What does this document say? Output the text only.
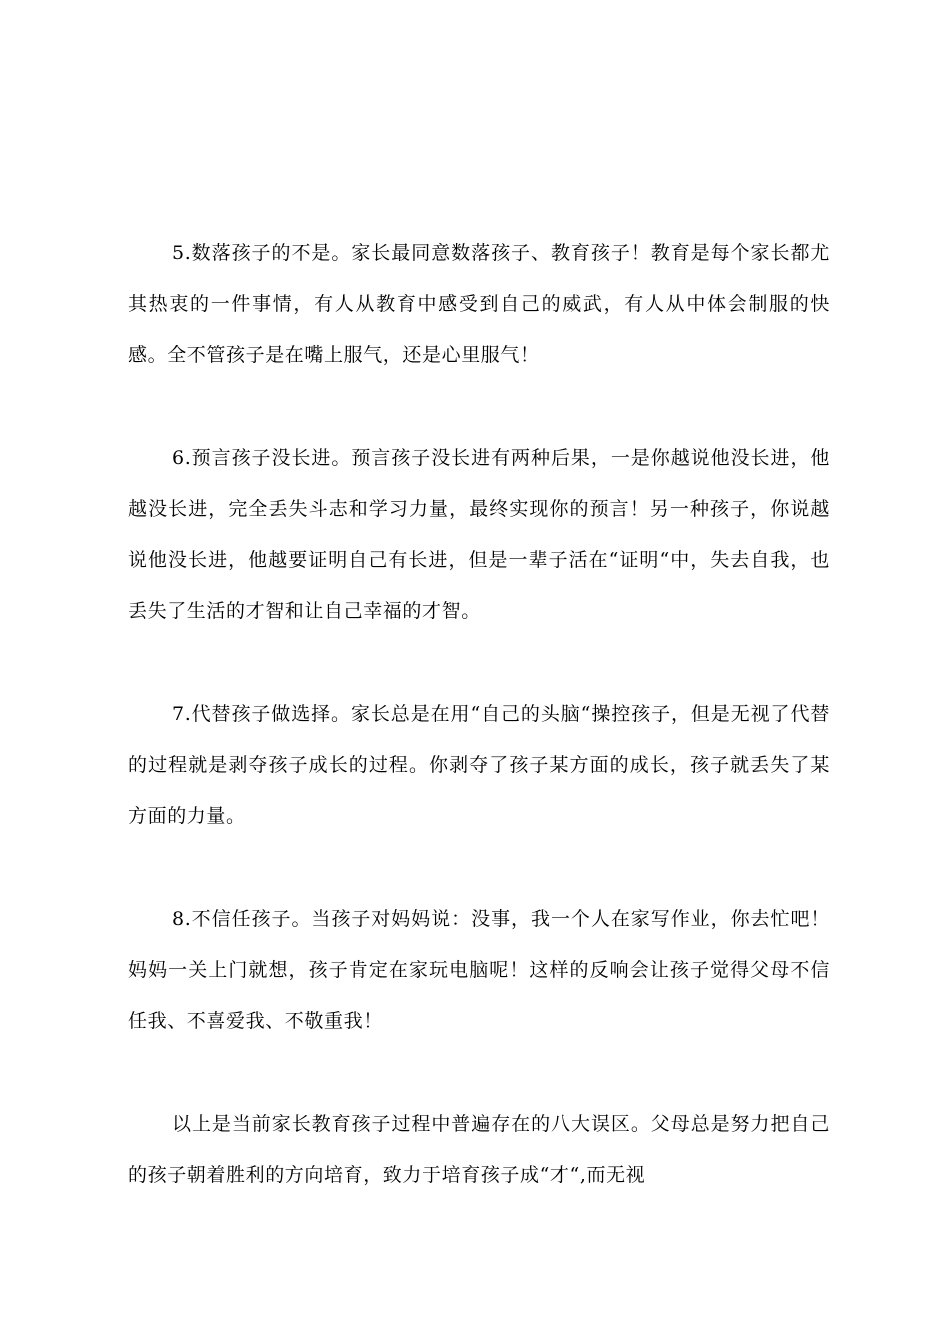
5.数落孩子的不是。家长最同意数落孩子、教育孩子！教育是每个家长都尤其热衷的一件事情，有人从教育中感受到自己的威武，有人从中体会制服的快感。全不管孩子是在嘴上服气，还是心里服气！

6.预言孩子没长进。预言孩子没长进有两种后果，一是你越说他没长进，他越没长进，完全丢失斗志和学习力量，最终实现你的预言！另一种孩子，你说越说他没长进，他越要证明自己有长进，但是一辈子活在“证明“中，失去自我，也丢失了生活的才智和让自己幸福的才智。

7.代替孩子做选择。家长总是在用“自己的头脑“操控孩子，但是无视了代替的过程就是剥夺孩子成长的过程。你剥夺了孩子某方面的成长，孩子就丢失了某方面的力量。

8.不信任孩子。当孩子对妈妈说：没事，我一个人在家写作业，你去忙吧！妈妈一关上门就想，孩子肯定在家玩电脑呢！这样的反响会让孩子觉得父母不信任我、不喜爱我、不敬重我！

以上是当前家长教育孩子过程中普遍存在的八大误区。父母总是努力把自己的孩子朝着胜利的方向培育，致力于培育孩子成“才“,而无视
